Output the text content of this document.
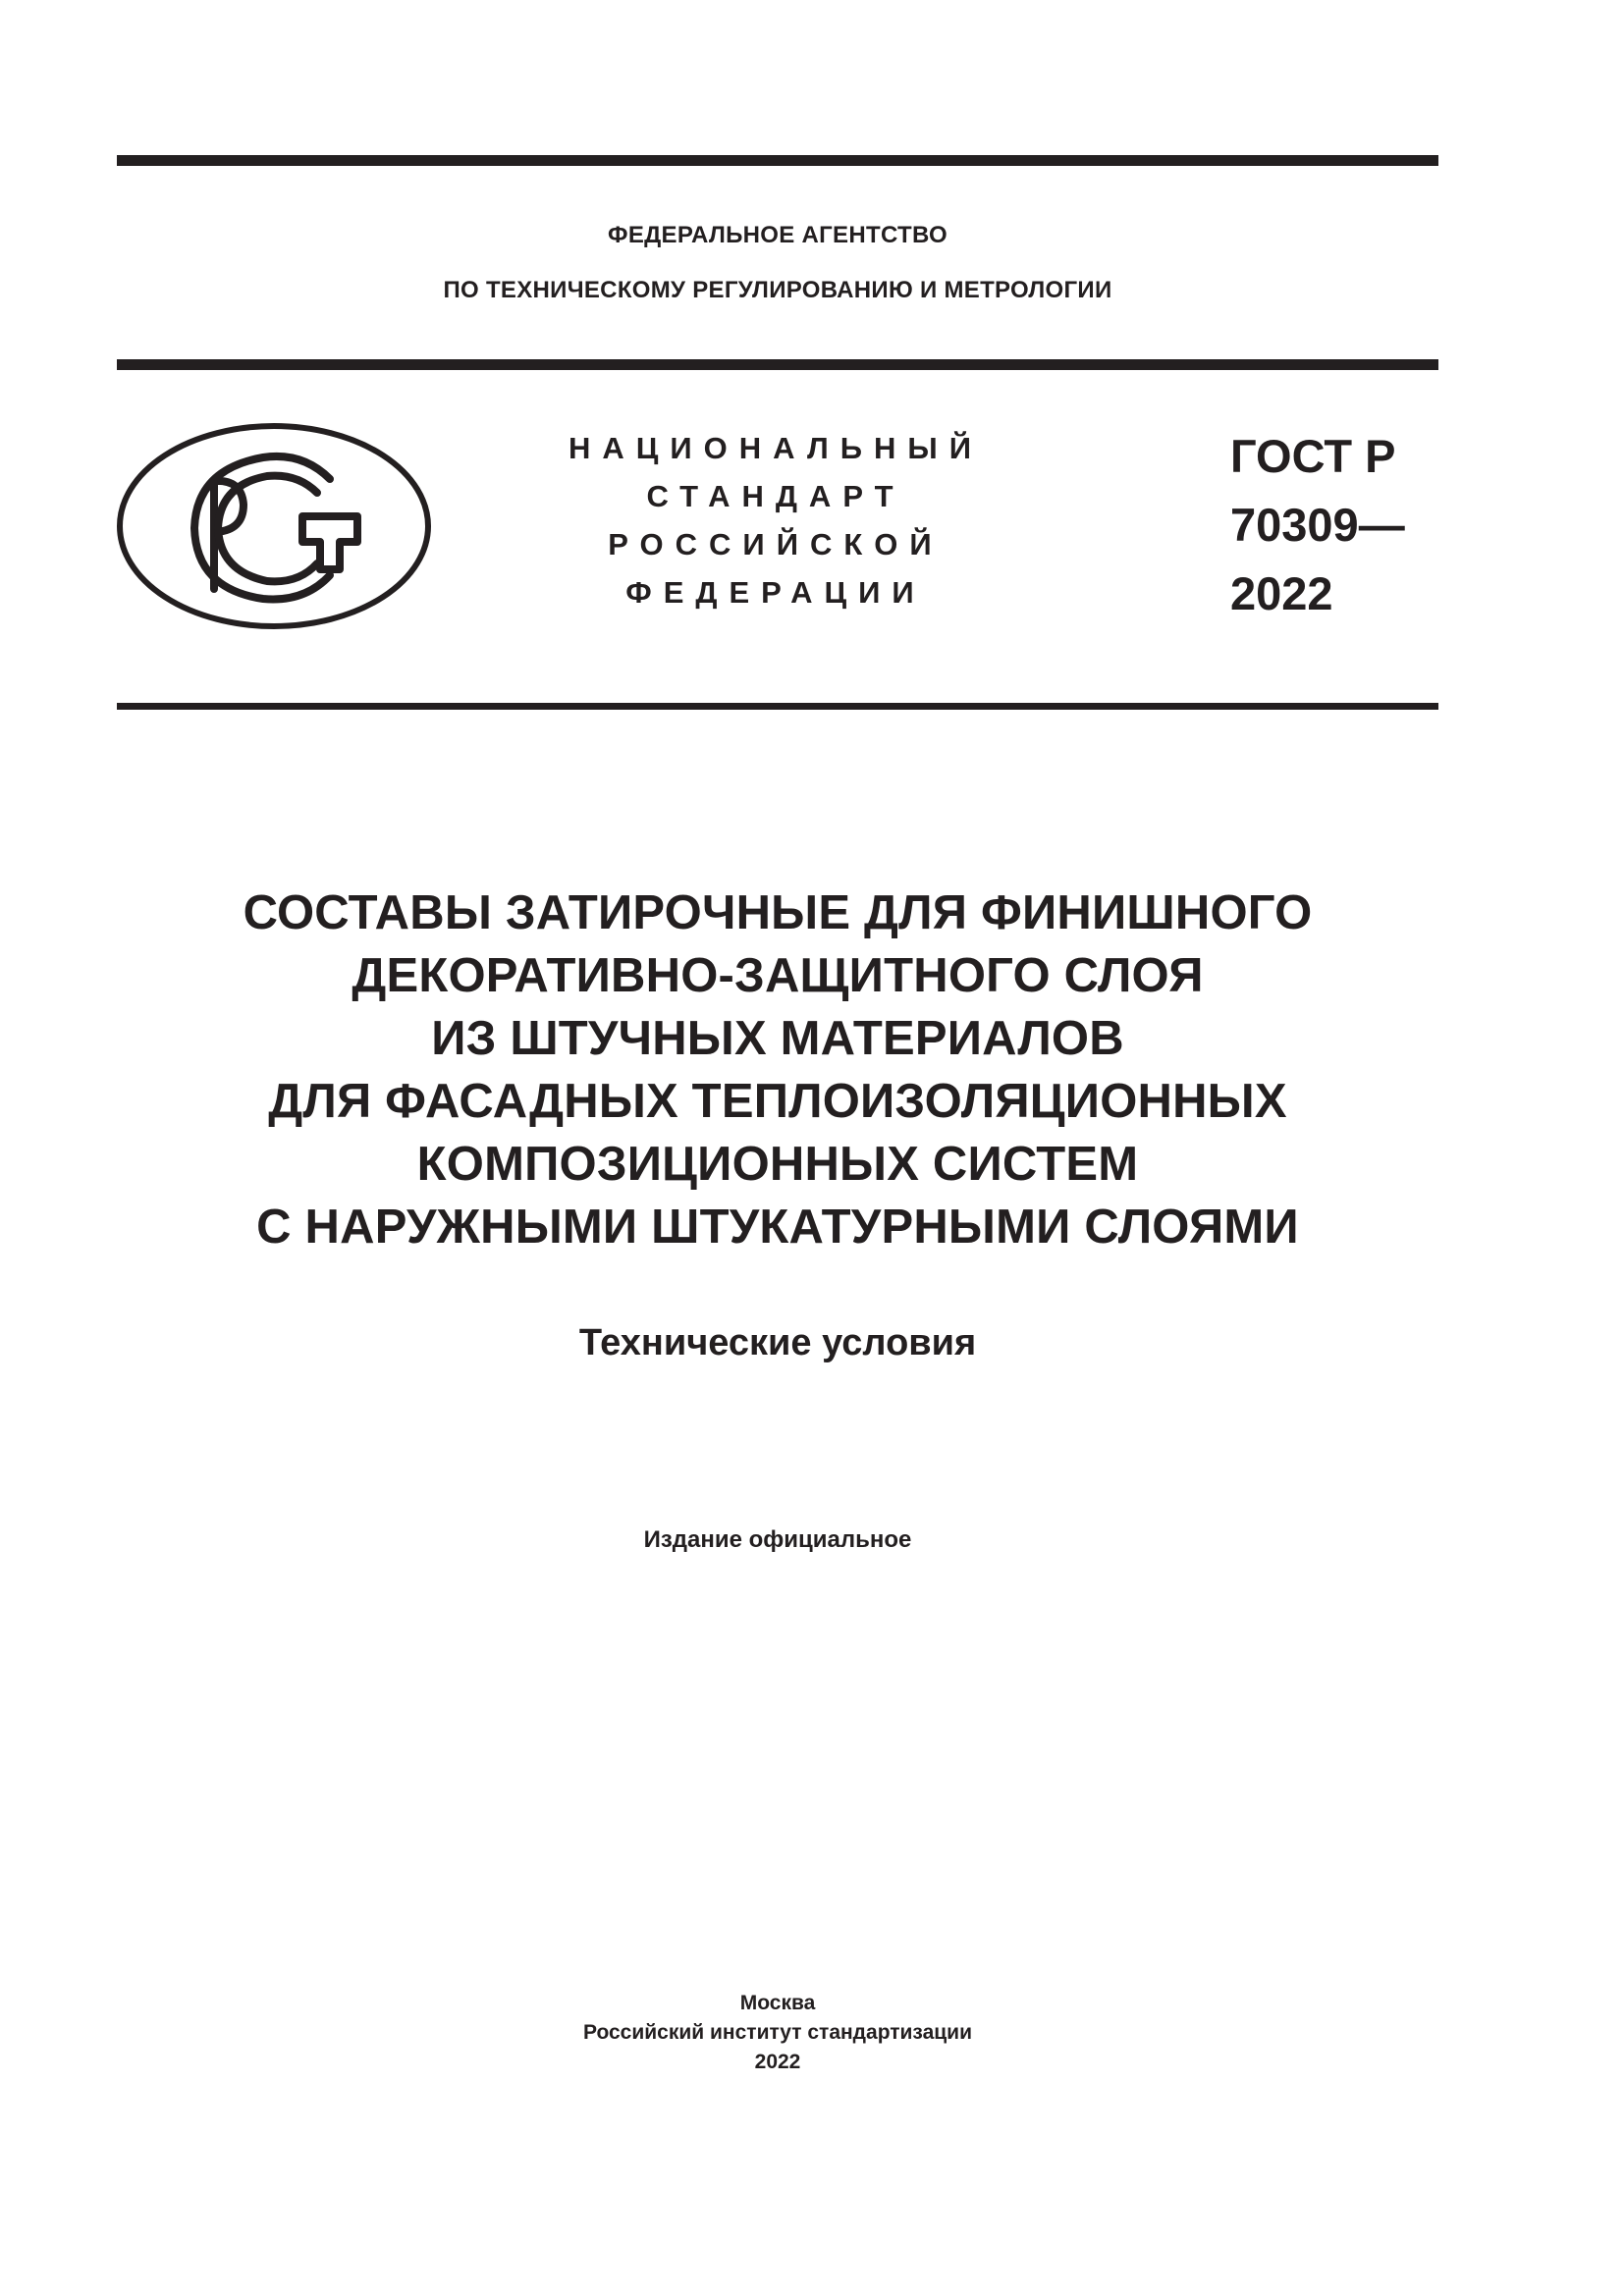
ФЕДЕРАЛЬНОЕ АГЕНТСТВО
ПО ТЕХНИЧЕСКОМУ РЕГУЛИРОВАНИЮ И МЕТРОЛОГИИ
НАЦИОНАЛЬНЫЙ
СТАНДАРТ
РОССИЙСКОЙ
ФЕДЕРАЦИИ
ГОСТ Р
70309—
2022
СОСТАВЫ ЗАТИРОЧНЫЕ ДЛЯ ФИНИШНОГО
ДЕКОРАТИВНО-ЗАЩИТНОГО СЛОЯ
ИЗ ШТУЧНЫХ МАТЕРИАЛОВ
ДЛЯ ФАСАДНЫХ ТЕПЛОИЗОЛЯЦИОННЫХ
КОМПОЗИЦИОННЫХ СИСТЕМ
С НАРУЖНЫМИ ШТУКАТУРНЫМИ СЛОЯМИ
Технические условия
Издание официальное
Москва
Российский институт стандартизации
2022
